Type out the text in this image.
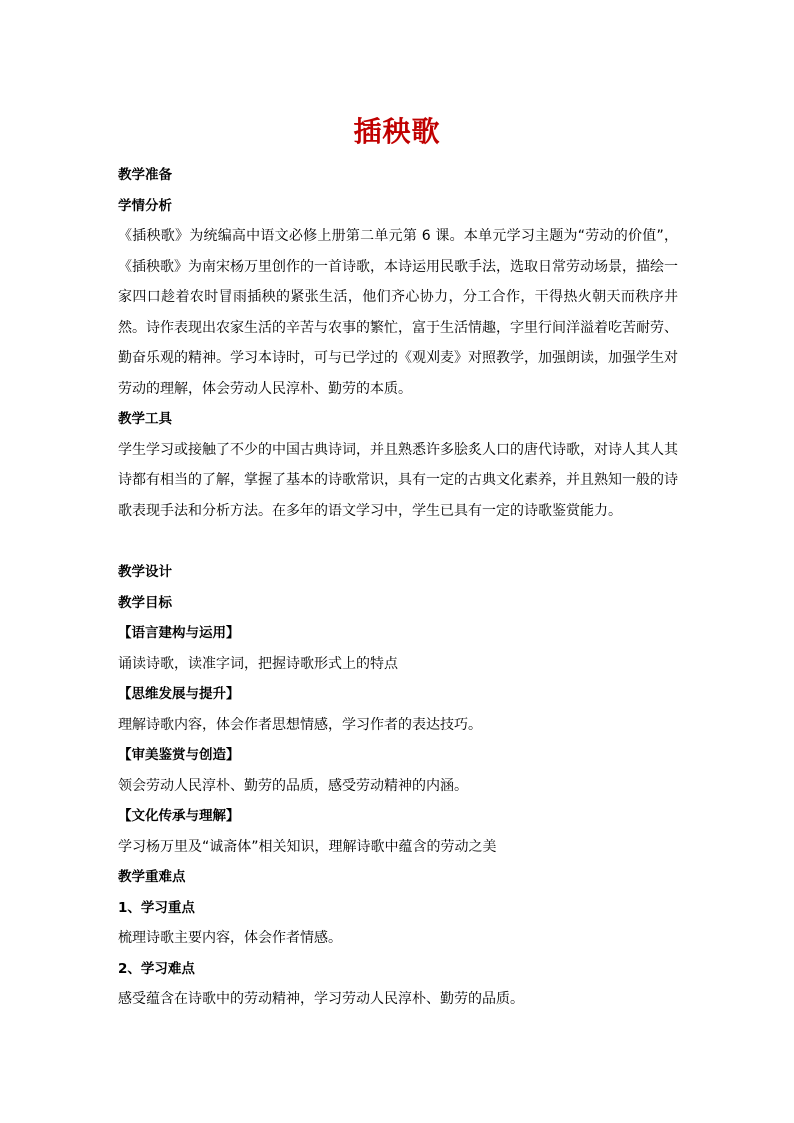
插秧歌
教学准备
学情分析
《插秧歌》为统编高中语文必修上册第二单元第 6 课。本单元学习主题为“劳动的价值”，《插秧歌》为南宋杨万里创作的一首诗歌，本诗运用民歌手法，选取日常劳动场景，描绘一家四口趁着农时冒雨插秧的紧张生活，他们齐心协力，分工合作，干得热火朝天而秩序井然。诗作表现出农家生活的辛苦与农事的繁忙，富于生活情趣，字里行间洋溢着吃苦耐劳、勤奋乐观的精神。学习本诗时，可与已学过的《观刈麦》对照教学，加强朗读，加强学生对劳动的理解，体会劳动人民淳朴、勤劳的本质。
教学工具
学生学习或接触了不少的中国古典诗词，并且熟悉许多脍炙人口的唐代诗歌，对诗人其人其诗都有相当的了解，掌握了基本的诗歌常识，具有一定的古典文化素养，并且熟知一般的诗歌表现手法和分析方法。在多年的语文学习中，学生已具有一定的诗歌鉴赏能力。
教学设计
教学目标
【语言建构与运用】
诵读诗歌，读准字词，把握诗歌形式上的特点
【思维发展与提升】
理解诗歌内容，体会作者思想情感，学习作者的表达技巧。
【审美鉴赏与创造】
领会劳动人民淳朴、勤劳的品质，感受劳动精神的内涵。
【文化传承与理解】
学习杨万里及“诚斋体”相关知识，理解诗歌中蕴含的劳动之美
教学重难点
1、学习重点
梳理诗歌主要内容，体会作者情感。
2、学习难点
感受蕴含在诗歌中的劳动精神，学习劳动人民淳朴、勤劳的品质。
